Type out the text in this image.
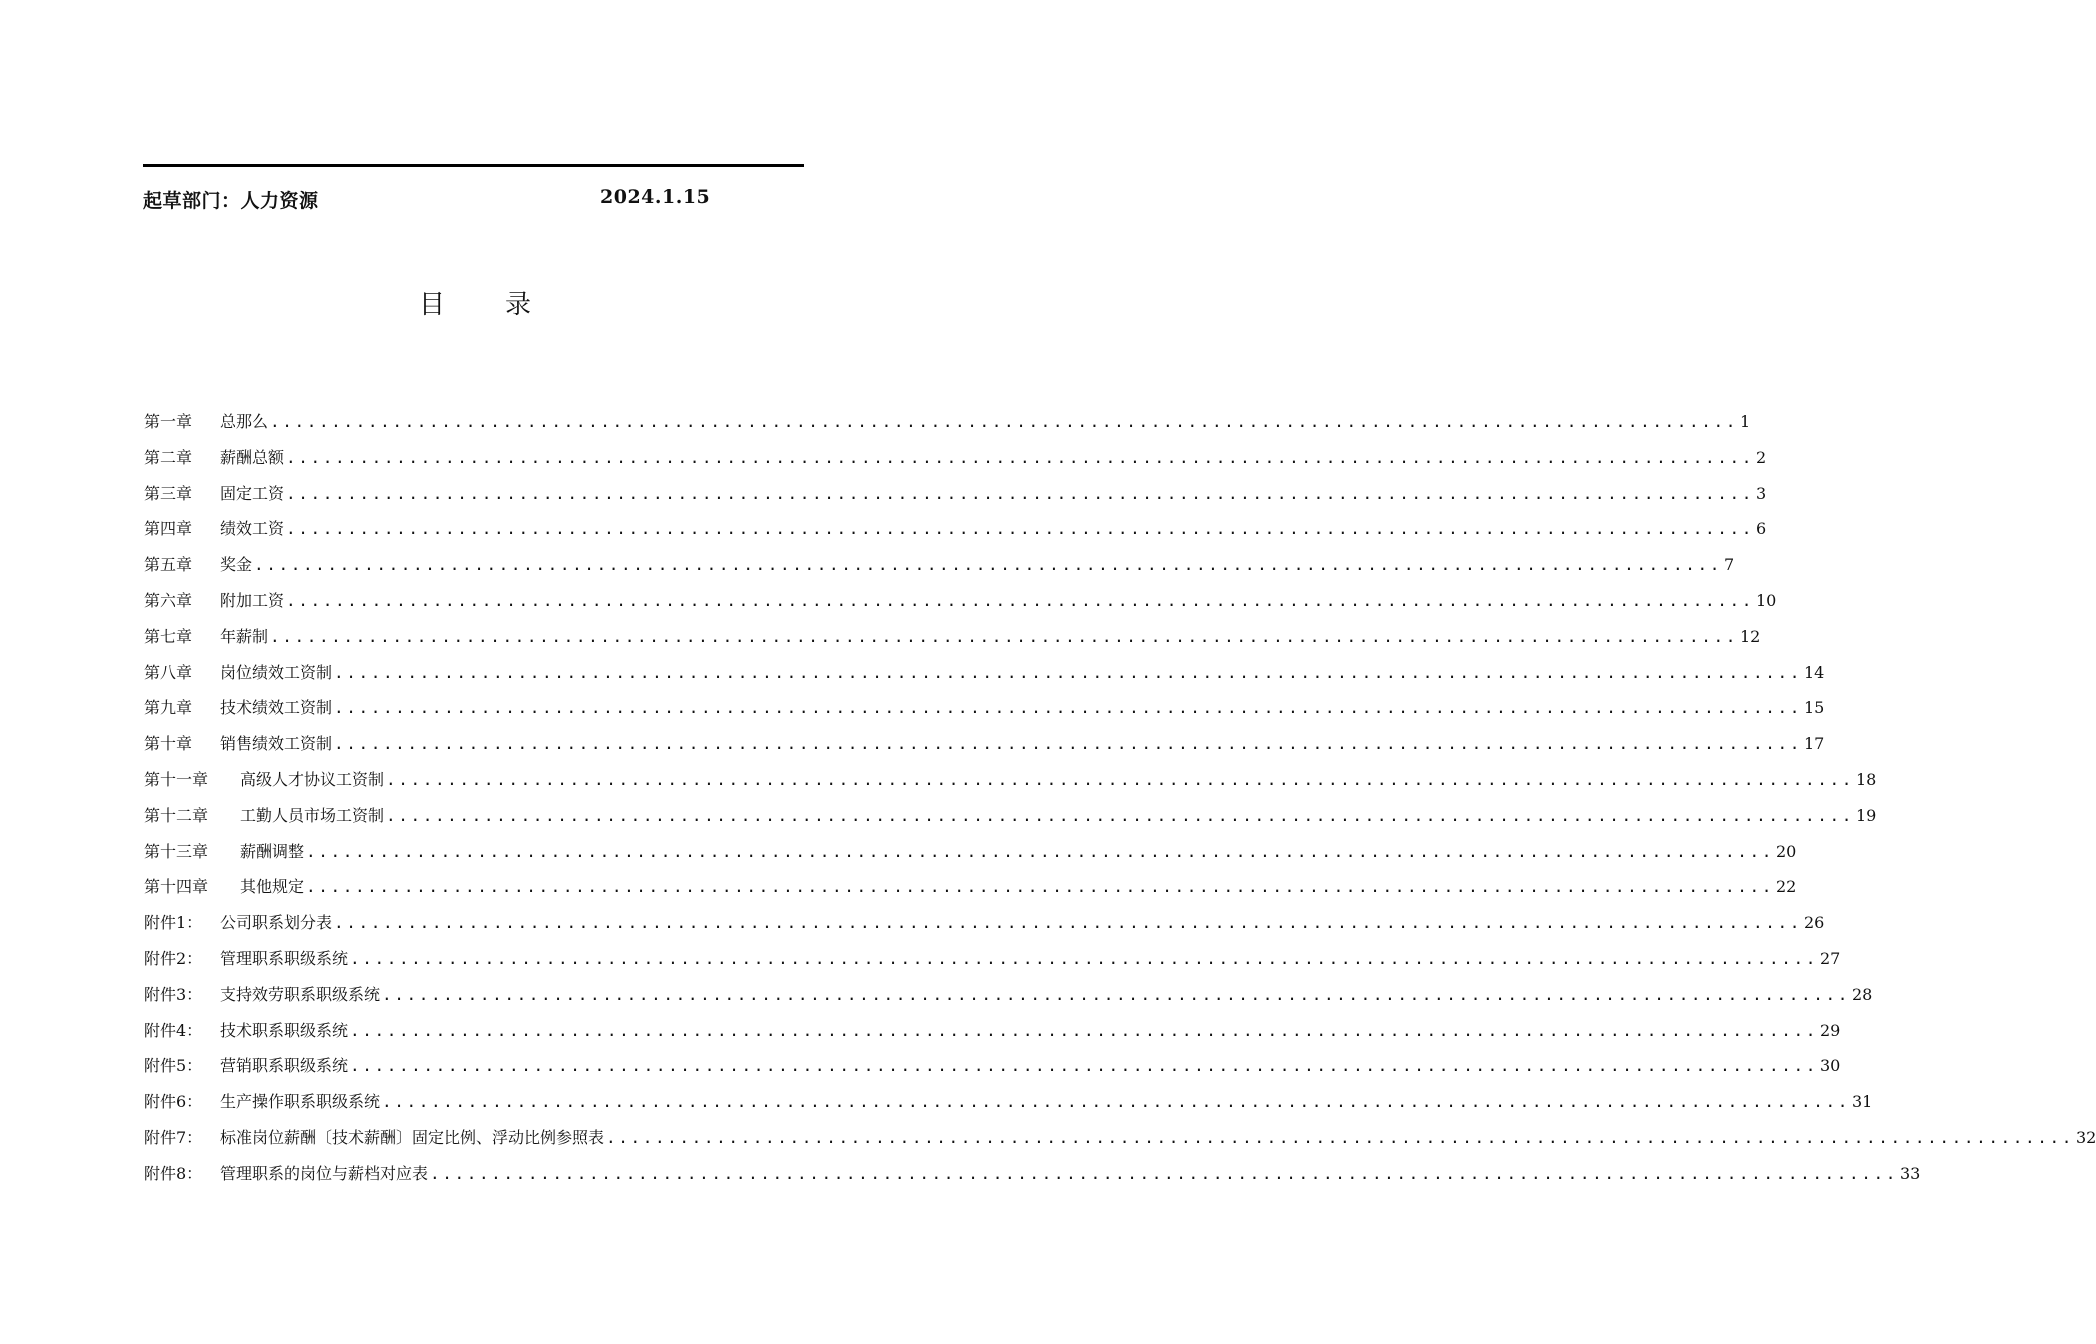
起草部门：人力资源	2024.1.15
目 录
第一章	总那么 ........................................................................................................................ 1
第二章	薪酬总额 ........................................................................................................................ 2
第三章	固定工资 ........................................................................................................................ 3
第四章	绩效工资 ........................................................................................................................ 6
第五章	奖金 ........................................................................................................................ 7
第六章	附加工资 ........................................................................................................................ 10
第七章	年薪制 ........................................................................................................................ 12
第八章	岗位绩效工资制 ........................................................................................................................ 14
第九章	技术绩效工资制 ........................................................................................................................ 15
第十章	销售绩效工资制 ........................................................................................................................ 17
第十一章	高级人才协议工资制 ........................................................................................................................ 18
第十二章	工勤人员市场工资制 ........................................................................................................................ 19
第十三章	薪酬调整 ........................................................................................................................ 20
第十四章	其他规定 ........................................................................................................................ 22
附件1：	公司职系划分表 ........................................................................................................................ 26
附件2：	管理职系职级系统 ........................................................................................................................ 27
附件3：	支持效劳职系职级系统 ........................................................................................................................ 28
附件4：	技术职系职级系统 ........................................................................................................................ 29
附件5：	营销职系职级系统 ........................................................................................................................ 30
附件6：	生产操作职系职级系统 ........................................................................................................................ 31
附件7：	标准岗位薪酬〔技术薪酬〕固定比例、浮动比例参照表 ........................................................................................................................ 32
附件8：	管理职系的岗位与薪档对应表 ........................................................................................................................ 33
